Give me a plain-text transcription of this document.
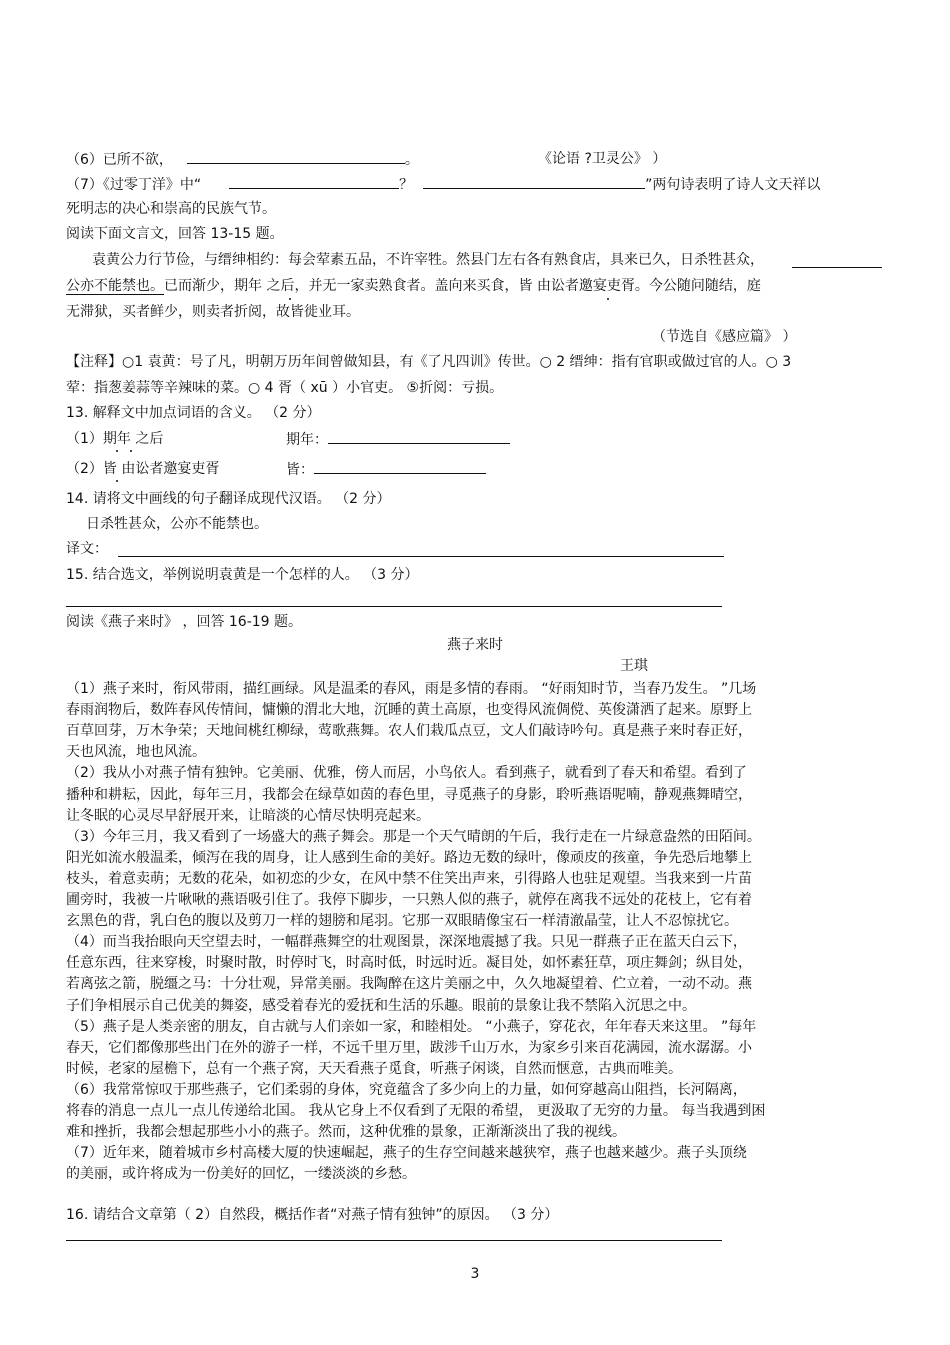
（6）已所不欲，	。	《论语 ?卫灵公》 ）
（7）《过零丁洋》中“	？	”两句诗表明了诗人文天祥以
死明志的决心和崇高的民族气节。
阅读下面文言文，回答 13-15 题。
袁黄公力行节俭，与缙绅相约：每会荤素五品，不许宰牲。然县门左右各有熟食店，具来已久，日杀牲甚众，
公亦不能禁也。已而渐少，期年 之后，并无一家卖熟食者。盖向来买食，皆 由讼者邀宴吏胥。今公随问随结，庭
无滞狱，买者鲜少，则卖者折阅，故皆徙业耳。
（节选自《感应篇》 ）
【注释】○1 袁黄：号了凡，明朝万历年间曾做知县，有《了凡四训》传世。○ 2 缙绅：指有官职或做过官的人。○ 3
荤：指葱姜蒜等辛辣味的菜。○ 4 胥（ xū ）小官吏。 ⑤折阅：亏损。
13. 解释文中加点词语的含义。 （2 分）
（1）期年 之后	期年：
（2）皆 由讼者邀宴吏胥	皆：
14. 请将文中画线的句子翻译成现代汉语。 （2 分）
日杀牲甚众，公亦不能禁也。
译文：
15. 结合选文，举例说明袁黄是一个怎样的人。 （3 分）
阅读《燕子来时》 ，回答 16-19 题。
燕子来时
王琪
（1）燕子来时，衔风带雨，描红画绿。风是温柔的春风，雨是多情的春雨。 “好雨知时节，当春乃发生。 ”几场
春雨润物后，数阵春风传情间，慵懒的渭北大地，沉睡的黄土高原，也变得风流倜傥、英俊潇洒了起来。原野上
百草回芽，万木争荣；天地间桃红柳绿，莺歌燕舞。农人们栽瓜点豆，文人们敲诗吟句。真是燕子来时春正好，
天也风流，地也风流。
（2）我从小对燕子情有独钟。它美丽、优雅，傍人而居，小鸟依人。看到燕子，就看到了春天和希望。看到了
播种和耕耘，因此，每年三月，我都会在绿草如茵的春色里，寻觅燕子的身影，聆听燕语呢喃，静观燕舞晴空，
让冬眠的心灵尽早舒展开来，让暗淡的心情尽快明亮起来。
（3）今年三月，我又看到了一场盛大的燕子舞会。那是一个天气晴朗的午后，我行走在一片绿意盎然的田陌间。
阳光如流水般温柔，倾泻在我的周身，让人感到生命的美好。路边无数的绿叶，像顽皮的孩童，争先恐后地攀上
枝头，着意卖萌；无数的花朵，如初恋的少女，在风中禁不住笑出声来，引得路人也驻足观望。当我来到一片苗
圃旁时，我被一片啾啾的燕语吸引住了。我停下脚步，一只熟人似的燕子，就停在离我不远处的花枝上，它有着
玄黑色的背，乳白色的腹以及剪刀一样的翅膀和尾羽。它那一双眼睛像宝石一样清澈晶莹，让人不忍惊扰它。
（4）而当我抬眼向天空望去时，一幅群燕舞空的壮观图景，深深地震撼了我。只见一群燕子正在蓝天白云下，
任意东西，往来穿梭，时聚时散，时停时飞，时高时低，时远时近。凝目处，如怀素狂草，项庄舞剑；纵目处，
若离弦之箭，脱缰之马：十分壮观，异常美丽。我陶醉在这片美丽之中，久久地凝望着、伫立着，一动不动。燕
子们争相展示自己优美的舞姿，感受着春光的爱抚和生活的乐趣。眼前的景象让我不禁陷入沉思之中。
（5）燕子是人类亲密的朋友，自古就与人们亲如一家，和睦相处。 “小燕子，穿花衣，年年春天来这里。 ”每年
春天，它们都像那些出门在外的游子一样，不远千里万里，跋涉千山万水，为家乡引来百花满园，流水潺潺。小
时候，老家的屋檐下，总有一个燕子窝，天天看燕子觅食，听燕子闲谈，自然而惬意，古典而唯美。
（6）我常常惊叹于那些燕子，它们柔弱的身体，究竟蕴含了多少向上的力量，如何穿越高山阻挡，长河隔离，
将春的消息一点儿一点儿传递给北国。 我从它身上不仅看到了无限的希望， 更汲取了无穷的力量。 每当我遇到困
难和挫折，我都会想起那些小小的燕子。然而，这种优雅的景象，正渐渐淡出了我的视线。
（7）近年来，随着城市乡村高楼大厦的快速崛起，燕子的生存空间越来越狭窄，燕子也越来越少。燕子头顶绕
的美丽，或许将成为一份美好的回忆，一缕淡淡的乡愁。
16. 请结合文章第（ 2）自然段，概括作者“对燕子情有独钟”的原因。 （3 分）
3
